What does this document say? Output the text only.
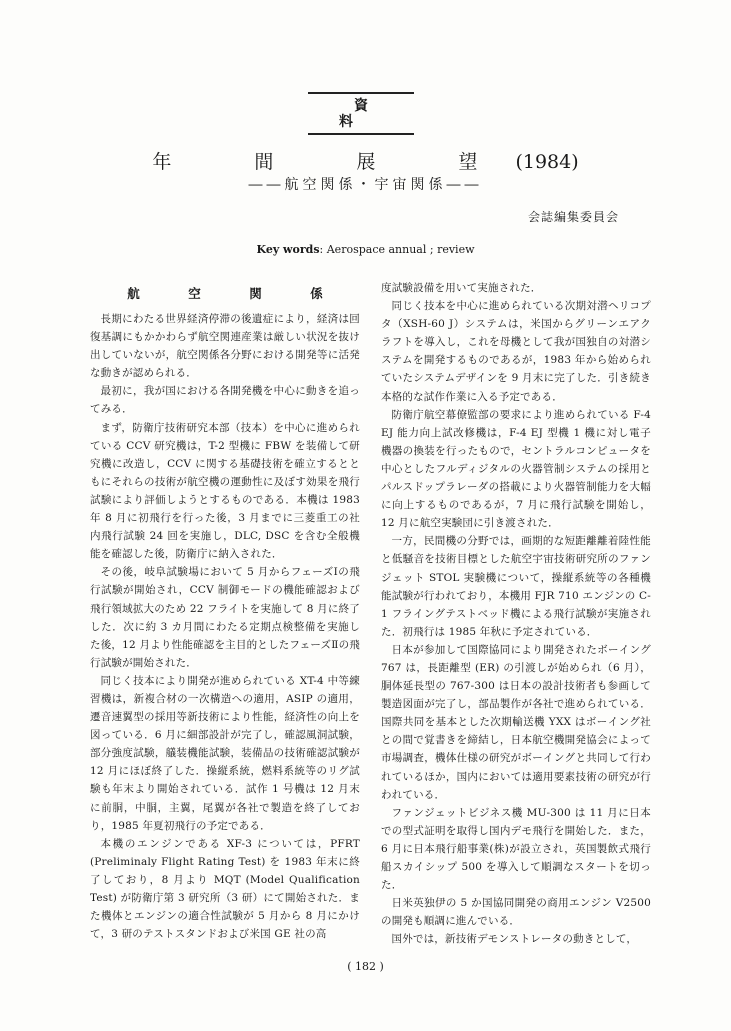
資　料
年　間　展　望 (1984)
――航空関係・宇宙関係――
会誌編集委員会
Key words: Aerospace annual ; review
航　空　関　係

長期にわたる世界経済停滞の後遺症により，経済は回復基調にもかかわらず航空関連産業は厳しい状況を抜け出していないが，航空関係各分野における開発等に活発な動きが認められる．

最初に，我が国における各開発機を中心に動きを追ってみる．

まず，防衛庁技術研究本部（技本）を中心に進められている CCV 研究機は，T-2 型機に FBW を装備して研究機に改造し，CCV に関する基礎技術を確立するとともにそれらの技術が航空機の運動性に及ぼす効果を飛行試験により評価しようとするものである．本機は 1983 年 8 月に初飛行を行った後，3 月までに三菱重工の社内飛行試験 24 回を実施し，DLC, DSC を含む全般機能を確認した後，防衛庁に納入された．

その後，岐阜試験場において 5 月からフェーズⅠの飛行試験が開始され，CCV 制御モードの機能確認および飛行領域拡大のため 22 フライトを実施して 8 月に終了した．次に約 3 カ月間にわたる定期点検整備を実施した後，12 月より性能確認を主目的としたフェーズⅡの飛行試験が開始された．

同じく技本により開発が進められている XT-4 中等練習機は，新複合材の一次構造への適用，ASIP の適用，遷音速翼型の採用等新技術により性能，経済性の向上を図っている．6 月に細部設計が完了し，確認風洞試験，部分強度試験，艤装機能試験，装備品の技術確認試験が 12 月にほぼ終了した．操縦系統，燃料系統等のリグ試験も年末より開始されている．試作 1 号機は 12 月末に前胴，中胴，主翼，尾翼が各社で製造を終了しており，1985 年夏初飛行の予定である．

本機のエンジンである XF-3 については，PFRT (Preliminaly Flight Rating Test) を 1983 年末に終了しており，8 月より MQT (Model Qualification Test) が防衛庁第 3 研究所（3 研）にて開始された．また機体とエンジンの適合性試験が 5 月から 8 月にかけて，3 研のテストスタンドおよび米国 GE 社の高

度試験設備を用いて実施された．

同じく技本を中心に進められている次期対潜ヘリコプタ（XSH-60 J）システムは，米国からグリーンエアクラフトを導入し，これを母機として我が国独自の対潜システムを開発するものであるが，1983 年から始められていたシステムデザインを 9 月末に完了した．引き続き本格的な試作作業に入る予定である．

防衛庁航空幕僚監部の要求により進められている F-4 EJ 能力向上試改修機は，F-4 EJ 型機 1 機に対し電子機器の換装を行ったもので，セントラルコンピュータを中心としたフルディジタルの火器管制システムの採用とパルスドップラレーダの搭載により火器管制能力を大幅に向上するものであるが，7 月に飛行試験を開始し，12 月に航空実験団に引き渡された．

一方，民間機の分野では，画期的な短距離離着陸性能と低騒音を技術目標とした航空宇宙技術研究所のファンジェット STOL 実験機について，操縦系統等の各種機能試験が行われており，本機用 FJR 710 エンジンの C-1 フライングテストベッド機による飛行試験が実施された．初飛行は 1985 年秋に予定されている．

日本が参加して国際協同により開発されたボーイング 767 は，長距離型 (ER) の引渡しが始められ（6 月），胴体延長型の 767-300 は日本の設計技術者も参画して製造図面が完了し，部品製作が各社で進められている．国際共同を基本とした次期輸送機 YXX はボーイング社との間で覚書きを締結し，日本航空機開発協会によって市場調査，機体仕様の研究がボーイングと共同して行われているほか，国内においては適用要素技術の研究が行われている．

ファンジェットビジネス機 MU-300 は 11 月に日本での型式証明を取得し国内デモ飛行を開始した．また，6 月に日本飛行船事業(株)が設立され，英国製飲式飛行船スカイシップ 500 を導入して順調なスタートを切った．

日米英独伊の 5 か国協同開発の商用エンジン V2500 の開発も順調に進んでいる．

国外では，新技術デモンストレータの動きとして，

( 182 )
